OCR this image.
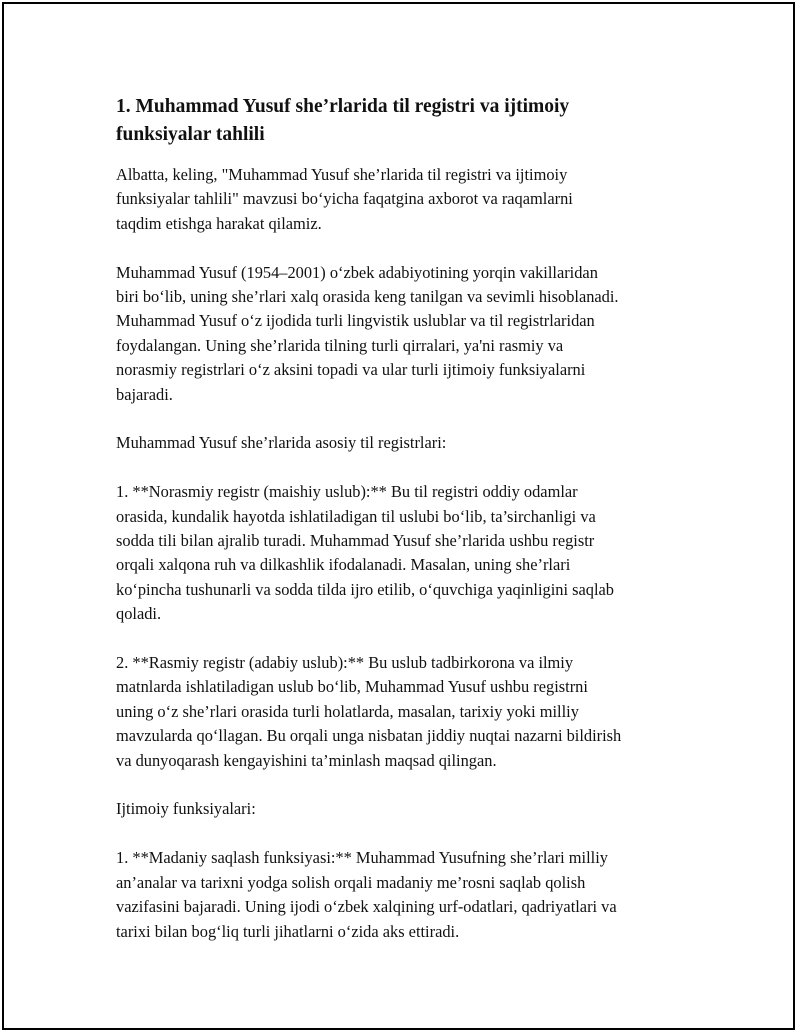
1. Muhammad Yusuf she’rlarida til registri va ijtimoiy
funksiyalar tahlili

Albatta, keling, "Muhammad Yusuf she’rlarida til registri va ijtimoiy
funksiyalar tahlili" mavzusi bo‘yicha faqatgina axborot va raqamlarni
taqdim etishga harakat qilamiz.

Muhammad Yusuf (1954–2001) o‘zbek adabiyotining yorqin vakillaridan
biri bo‘lib, uning she’rlari xalq orasida keng tanilgan va sevimli hisoblanadi.
Muhammad Yusuf o‘z ijodida turli lingvistik uslublar va til registrlaridan
foydalangan. Uning she’rlarida tilning turli qirralari, ya'ni rasmiy va
norasmiy registrlari o‘z aksini topadi va ular turli ijtimoiy funksiyalarni
bajaradi.

Muhammad Yusuf she’rlarida asosiy til registrlari:

1. **Norasmiy registr (maishiy uslub):** Bu til registri oddiy odamlar
orasida, kundalik hayotda ishlatiladigan til uslubi bo‘lib, ta’sirchanligi va
sodda tili bilan ajralib turadi. Muhammad Yusuf she’rlarida ushbu registr
orqali xalqona ruh va dilkashlik ifodalanadi. Masalan, uning she’rlari
ko‘pincha tushunarli va sodda tilda ijro etilib, o‘quvchiga yaqinligini saqlab
qoladi.

2. **Rasmiy registr (adabiy uslub):** Bu uslub tadbirkorona va ilmiy
matnlarda ishlatiladigan uslub bo‘lib, Muhammad Yusuf ushbu registrni
uning o‘z she’rlari orasida turli holatlarda, masalan, tarixiy yoki milliy
mavzularda qo‘llagan. Bu orqali unga nisbatan jiddiy nuqtai nazarni bildirish
va dunyoqarash kengayishini ta’minlash maqsad qilingan.

Ijtimoiy funksiyalari:

1. **Madaniy saqlash funksiyasi:** Muhammad Yusufning she’rlari milliy
an’analar va tarixni yodga solish orqali madaniy me’rosni saqlab qolish
vazifasini bajaradi. Uning ijodi o‘zbek xalqining urf-odatlari, qadriyatlari va
tarixi bilan bog‘liq turli jihatlarni o‘zida aks ettiradi.
